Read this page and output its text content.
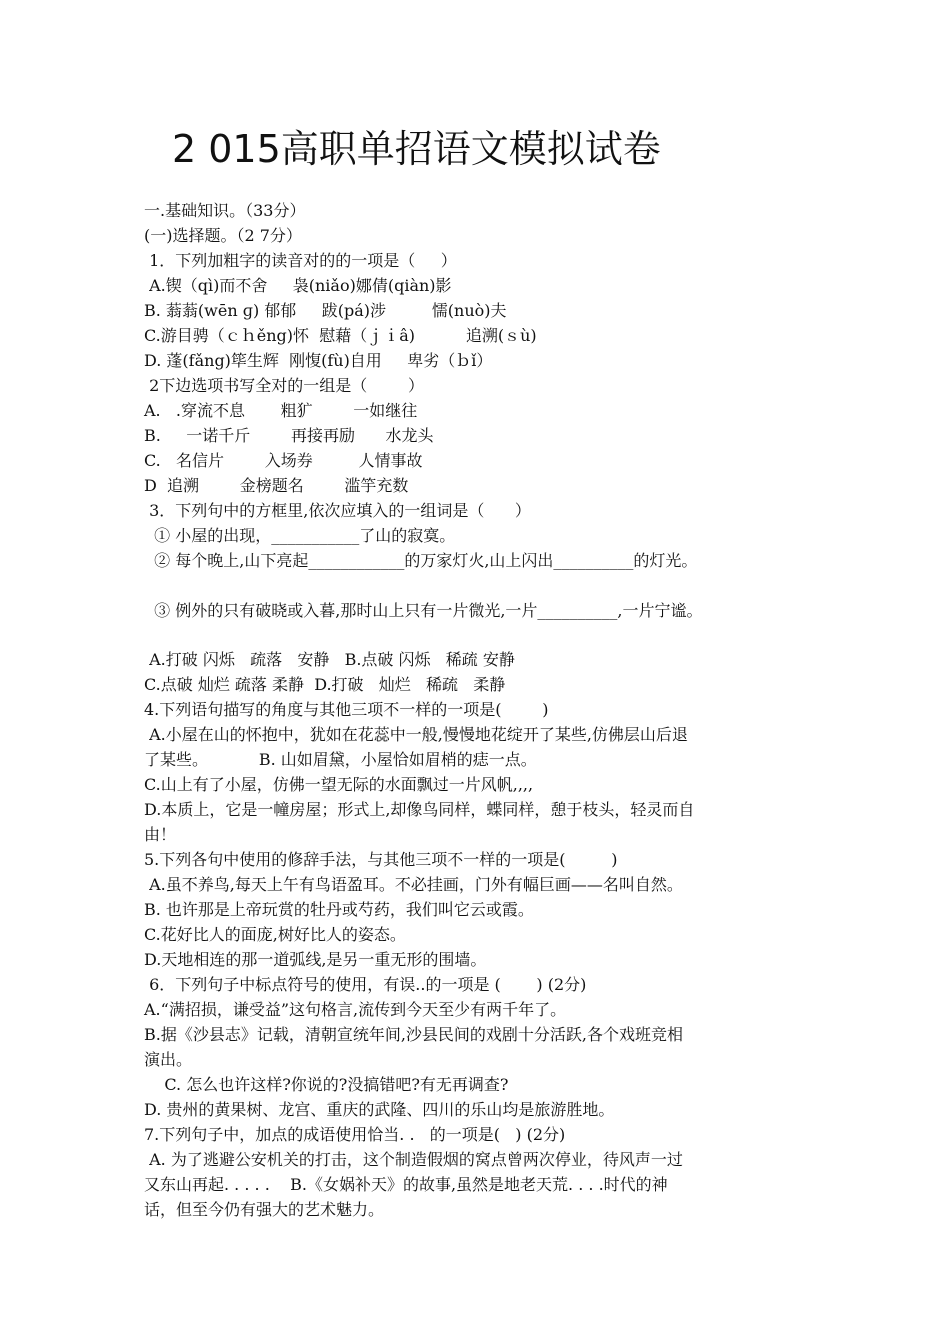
2 015高职单招语文模拟试卷
一.基础知识。（33分）
(一)选择题。（2 7分）
1．下列加粗字的读音对的的一项是（     ）
A.锲（qì)而不舍     袅(niǎo)娜倩(qiàn)影
B. 蓊蓊(wēn ɡ) 郁郁     跋(pá)涉         懦(nuò)夫
C.游目骋（ｃｈěng)怀  慰藉（ｊｉâ)          追溯(ｓù)
D. 蓬(fǎng)筚生辉  刚愎(fù)自用     卑劣（ｂǐ）
2下边选项书写全对的一组是（        ）
A.   .穿流不息       粗犷        一如继往
B.     一诺千斤        再接再励      水龙头
C.   名信片        入场券         人情事故
D  追溯        金榜题名        滥竽充数
3．下列句中的方框里,依次应填入的一组词是（      ）
① 小屋的出现，___________了山的寂寞。
② 每个晚上,山下亮起____________的万家灯火,山上闪出__________的灯光。
③ 例外的只有破晓或入暮,那时山上只有一片微光,一片__________,一片宁谧。
A.打破 闪烁   疏落   安静   B.点破 闪烁   稀疏 安静
C.点破 灿烂 疏落 柔静  D.打破   灿烂   稀疏   柔静
4.下列语句描写的角度与其他三项不一样的一项是(        )
A.小屋在山的怀抱中，犹如在花蕊中一般,慢慢地花绽开了某些,仿佛层山后退
了某些。          B. 山如眉黛，小屋恰如眉梢的痣一点。
C.山上有了小屋，仿佛一望无际的水面飘过一片风帆,,,,
D.本质上，它是一幢房屋；形式上,却像鸟同样，蝶同样，憩于枝头，轻灵而自
由！
5.下列各句中使用的修辞手法，与其他三项不一样的一项是(         )
A.虽不养鸟,每天上午有鸟语盈耳。不必挂画，门外有幅巨画——名叫自然。
B. 也许那是上帝玩赏的牡丹或芍药，我们叫它云或霞。
C.花好比人的面庞,树好比人的姿态。
D.天地相连的那一道弧线,是另一重无形的围墙。
6．下列句子中标点符号的使用，有误..的一项是 (       ) (2分)
A.“满招损，谦受益”这句格言,流传到今天至少有两千年了。
B.据《沙县志》记载，清朝宣统年间,沙县民间的戏剧十分活跃,各个戏班竞相
演出。
C. 怎么也许这样?你说的?没搞错吧?有无再调查?
D. 贵州的黄果树、龙宫、重庆的武隆、四川的乐山均是旅游胜地。
7.下列句子中，加点的成语使用恰当. .   的一项是(   ) (2分)
A. 为了逃避公安机关的打击，这个制造假烟的窝点曾两次停业，待风声一过
又东山再起. . . . .    B.《女娲补天》的故事,虽然是地老天荒. . . .时代的神
话，但至今仍有强大的艺术魅力。
